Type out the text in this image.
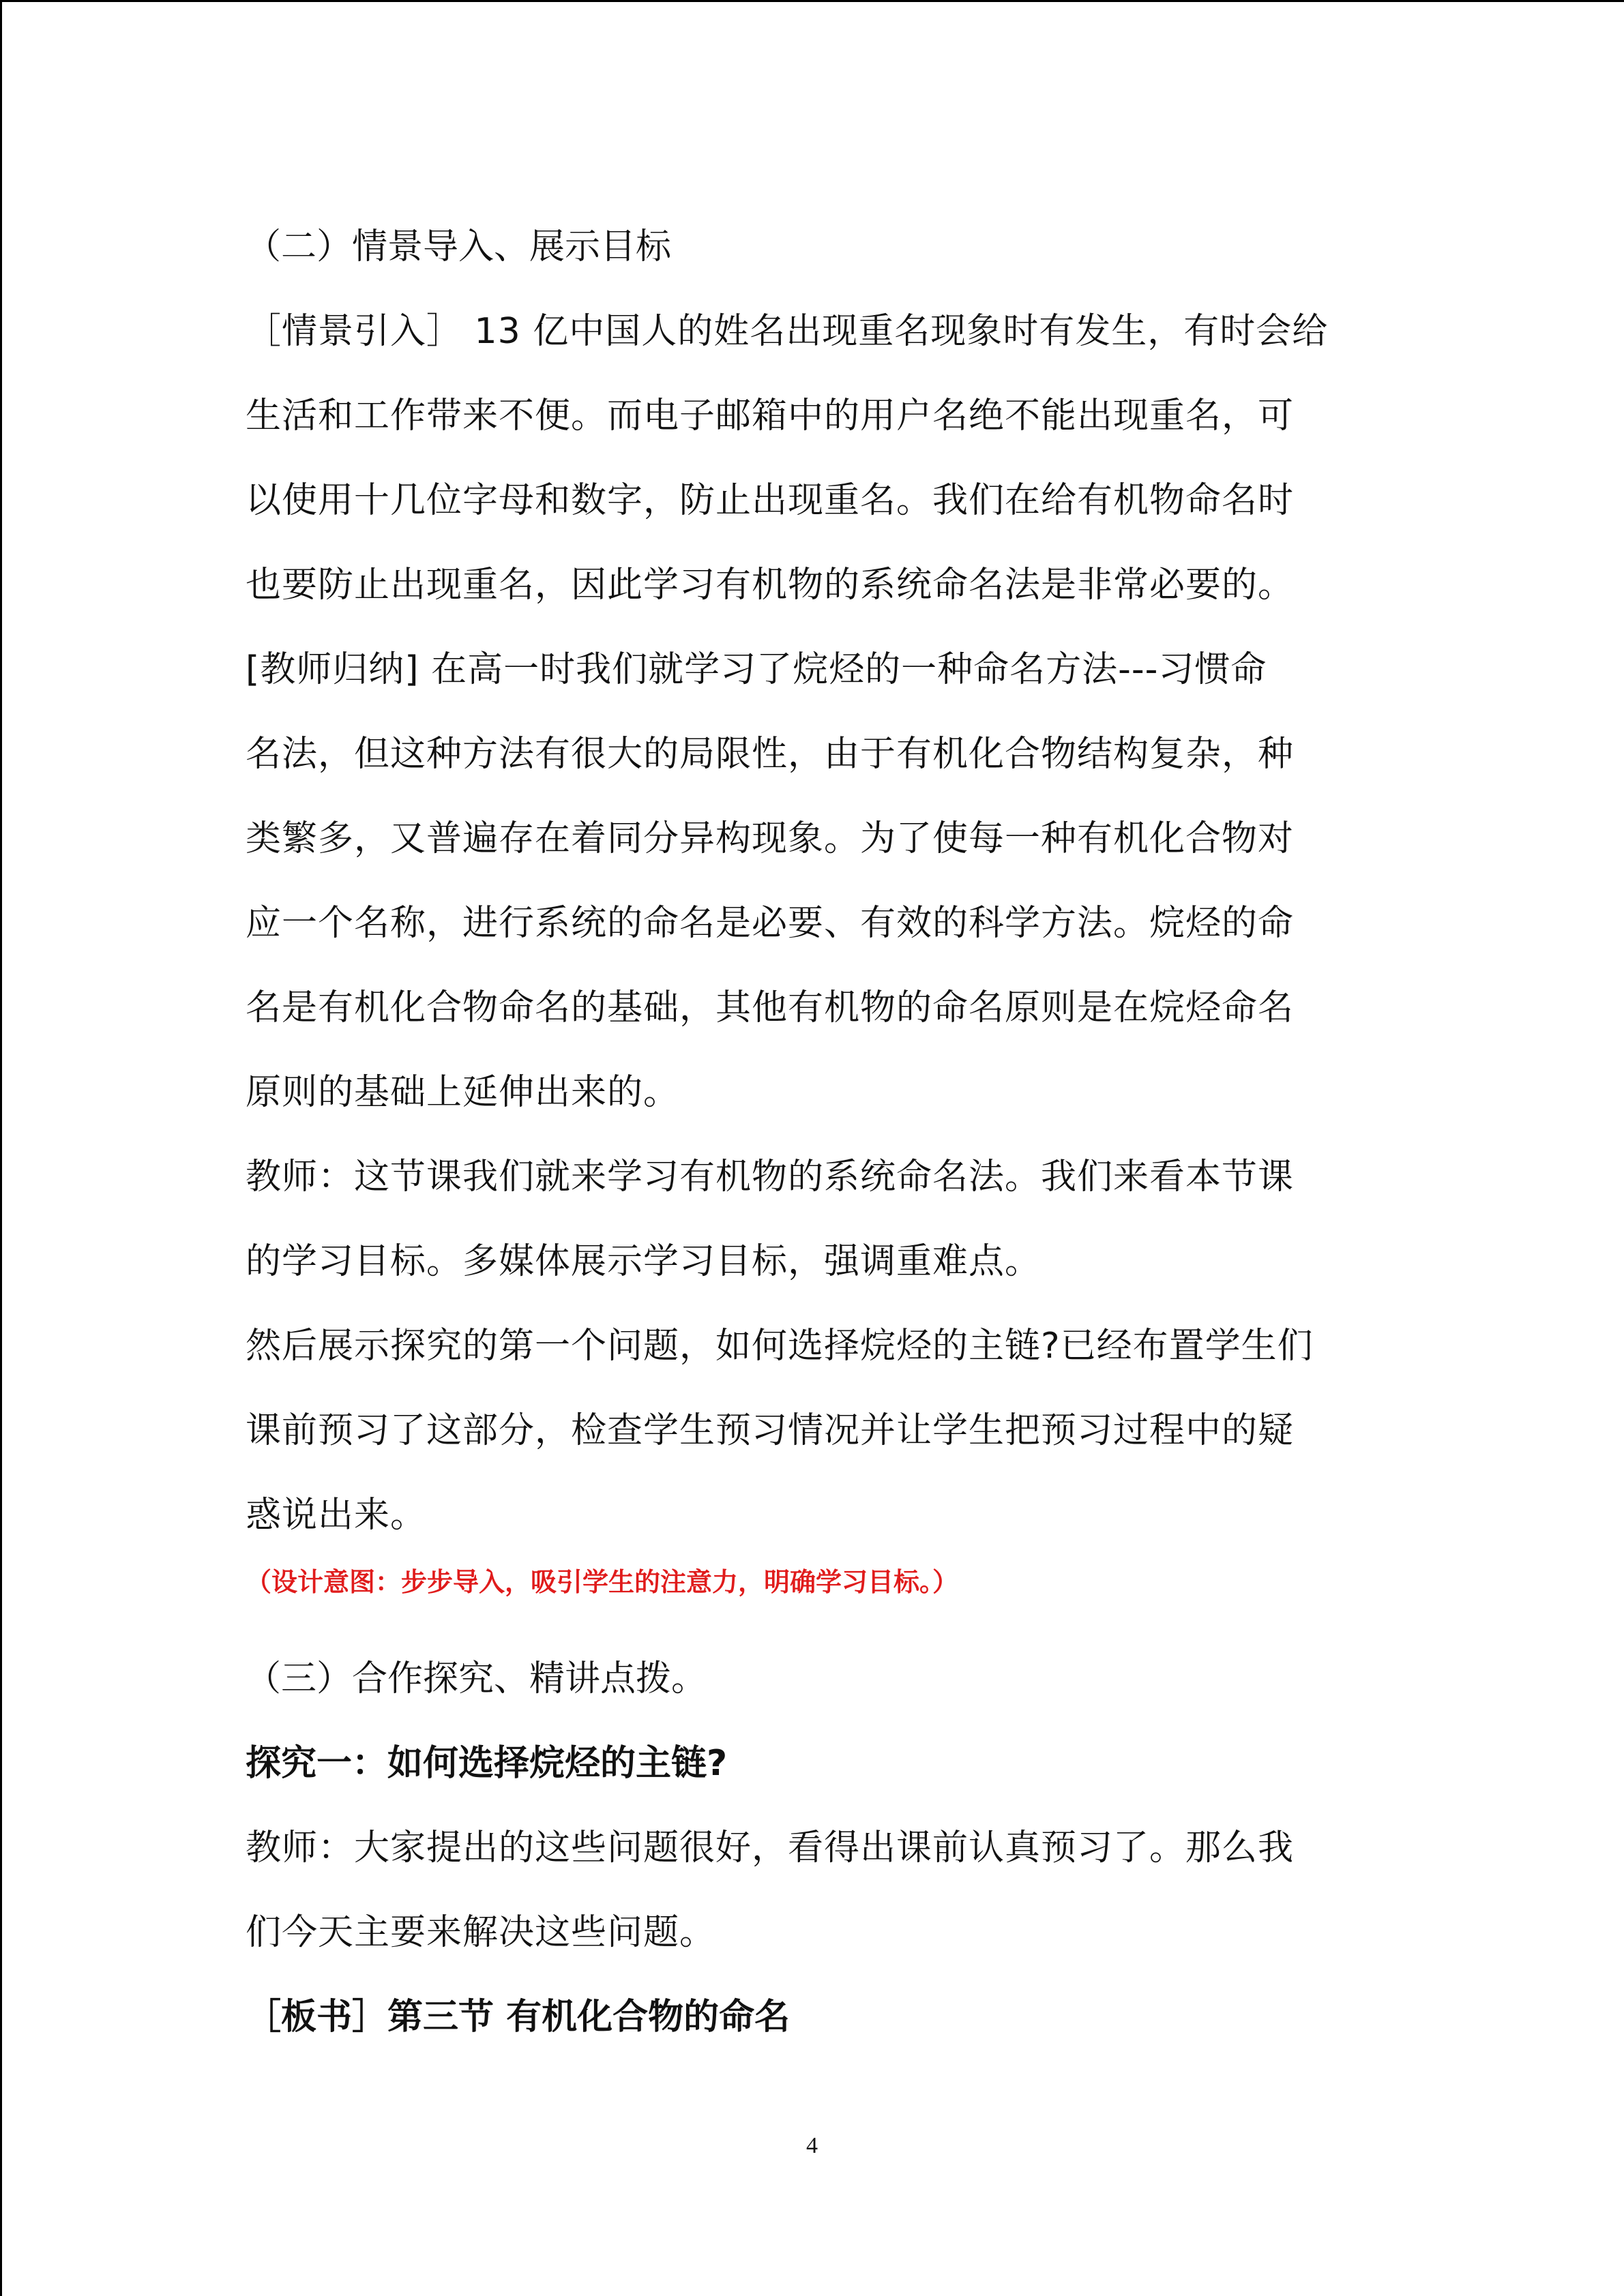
（二）情景导入、展示目标
［情景引入］ 13 亿中国人的姓名出现重名现象时有发生，有时会给
生活和工作带来不便。而电子邮箱中的用户名绝不能出现重名，可
以使用十几位字母和数字，防止出现重名。我们在给有机物命名时
也要防止出现重名，因此学习有机物的系统命名法是非常必要的。
[教师归纳] 在高一时我们就学习了烷烃的一种命名方法---习惯命
名法，但这种方法有很大的局限性，由于有机化合物结构复杂，种
类繁多，又普遍存在着同分异构现象。为了使每一种有机化合物对
应一个名称，进行系统的命名是必要、有效的科学方法。烷烃的命
名是有机化合物命名的基础，其他有机物的命名原则是在烷烃命名
原则的基础上延伸出来的。
教师：这节课我们就来学习有机物的系统命名法。我们来看本节课
的学习目标。多媒体展示学习目标，强调重难点。
然后展示探究的第一个问题，如何选择烷烃的主链?已经布置学生们
课前预习了这部分，检查学生预习情况并让学生把预习过程中的疑
惑说出来。
（设计意图：步步导入，吸引学生的注意力，明确学习目标。）
（三）合作探究、精讲点拨。
探究一：如何选择烷烃的主链?
教师：大家提出的这些问题很好，看得出课前认真预习了。那么我
们今天主要来解决这些问题。
［板书］第三节 有机化合物的命名
4
